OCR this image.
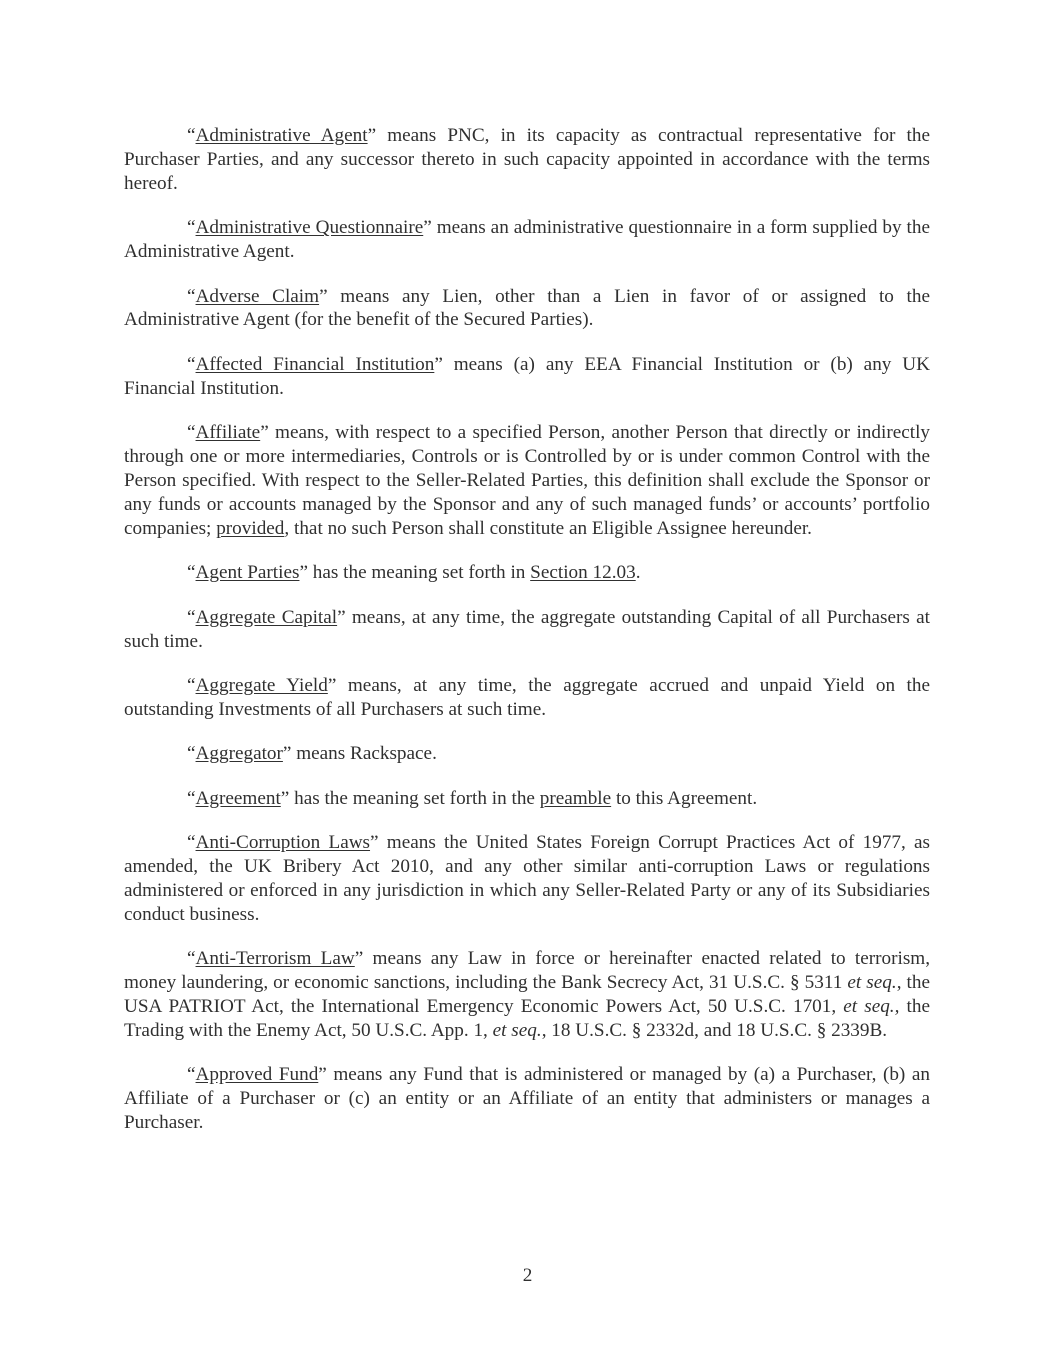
“Administrative Agent” means PNC, in its capacity as contractual representative for the Purchaser Parties, and any successor thereto in such capacity appointed in accordance with the terms hereof.

“Administrative Questionnaire” means an administrative questionnaire in a form supplied by the Administrative Agent.

“Adverse Claim” means any Lien, other than a Lien in favor of or assigned to the Administrative Agent (for the benefit of the Secured Parties).

“Affected Financial Institution” means (a) any EEA Financial Institution or (b) any UK Financial Institution.

“Affiliate” means, with respect to a specified Person, another Person that directly or indirectly through one or more intermediaries, Controls or is Controlled by or is under common Control with the Person specified. With respect to the Seller-Related Parties, this definition shall exclude the Sponsor or any funds or accounts managed by the Sponsor and any of such managed funds’ or accounts’ portfolio companies; provided, that no such Person shall constitute an Eligible Assignee hereunder.

“Agent Parties” has the meaning set forth in Section 12.03.

“Aggregate Capital” means, at any time, the aggregate outstanding Capital of all Purchasers at such time.

“Aggregate Yield” means, at any time, the aggregate accrued and unpaid Yield on the outstanding Investments of all Purchasers at such time.

“Aggregator” means Rackspace.

“Agreement” has the meaning set forth in the preamble to this Agreement.

“Anti-Corruption Laws” means the United States Foreign Corrupt Practices Act of 1977, as amended, the UK Bribery Act 2010, and any other similar anti-corruption Laws or regulations administered or enforced in any jurisdiction in which any Seller-Related Party or any of its Subsidiaries conduct business.

“Anti-Terrorism Law” means any Law in force or hereinafter enacted related to terrorism, money laundering, or economic sanctions, including the Bank Secrecy Act, 31 U.S.C. § 5311 et seq., the USA PATRIOT Act, the International Emergency Economic Powers Act, 50 U.S.C. 1701, et seq., the Trading with the Enemy Act, 50 U.S.C. App. 1, et seq., 18 U.S.C. § 2332d, and 18 U.S.C. § 2339B.

“Approved Fund” means any Fund that is administered or managed by (a) a Purchaser, (b) an Affiliate of a Purchaser or (c) an entity or an Affiliate of an entity that administers or manages a Purchaser.

2
